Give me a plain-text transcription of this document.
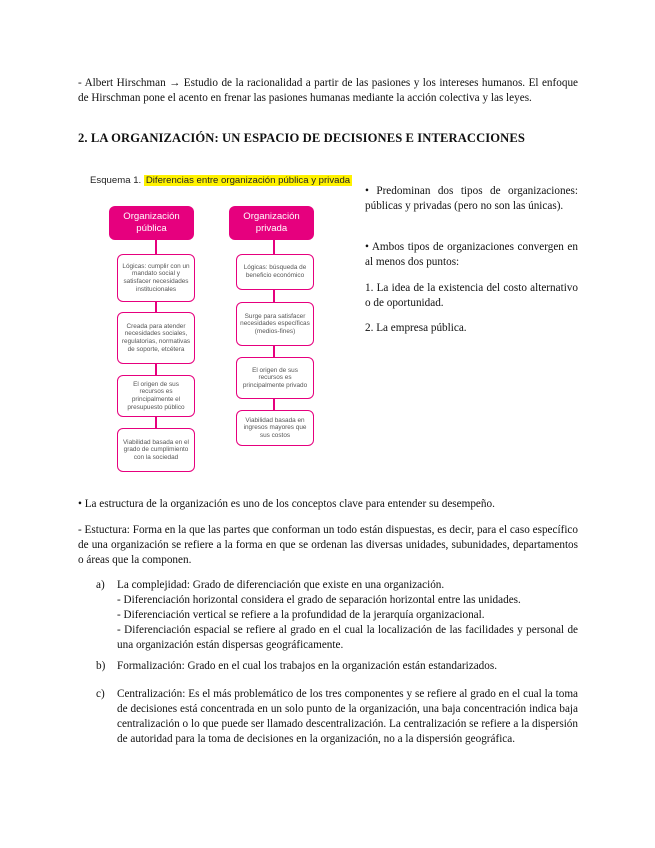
- Albert Hirschman → Estudio de la racionalidad a partir de las pasiones y los intereses humanos. El enfoque de Hirschman pone el acento en frenar las pasiones humanas mediante la acción colectiva y las leyes.
2. LA ORGANIZACIÓN: UN ESPACIO DE DECISIONES E INTERACCIONES
Esquema 1. Diferencias entre organización pública y privada
Organización pública
Lógicas: cumplir con un mandato social y satisfacer necesidades institucionales
Creada para atender necesidades sociales, regulatorias, normativas de soporte, etcétera
El origen de sus recursos es principalmente el presupuesto público
Viabilidad basada en el grado de cumplimiento con la sociedad
Organización privada
Lógicas: búsqueda de beneficio económico
Surge para satisfacer necesidades específicas (medios-fines)
El origen de sus recursos es principalmente privado
Viabilidad basada en ingresos mayores que sus costos
• Predominan dos tipos de organizaciones: públicas y privadas (pero no son las únicas).
• Ambos tipos de organizaciones convergen en al menos dos puntos:
1. La idea de la existencia del costo alternativo o de oportunidad.
2. La empresa pública.
• La estructura de la organización es uno de los conceptos clave para entender su desempeño.
- Estuctura: Forma en la que las partes que conforman un todo están dispuestas, es decir, para el caso específico de una organización se refiere a la forma en que se ordenan las diversas unidades, subunidades, departamentos o áreas que la componen.
a) La complejidad: Grado de diferenciación que existe en una organización.
- Diferenciación horizontal considera el grado de separación horizontal entre las unidades.
- Diferenciación vertical se refiere a la profundidad de la jerarquía organizacional.
- Diferenciación espacial se refiere al grado en el cual la localización de las facilidades y personal de una organización están dispersas geográficamente.
b) Formalización: Grado en el cual los trabajos en la organización están estandarizados.
c) Centralización: Es el más problemático de los tres componentes y se refiere al grado en el cual la toma de decisiones está concentrada en un solo punto de la organización, una baja concentración indica baja centralización o lo que puede ser llamado descentralización. La centralización se refiere a la dispersión de autoridad para la toma de decisiones en la organización, no a la dispersión geográfica.
